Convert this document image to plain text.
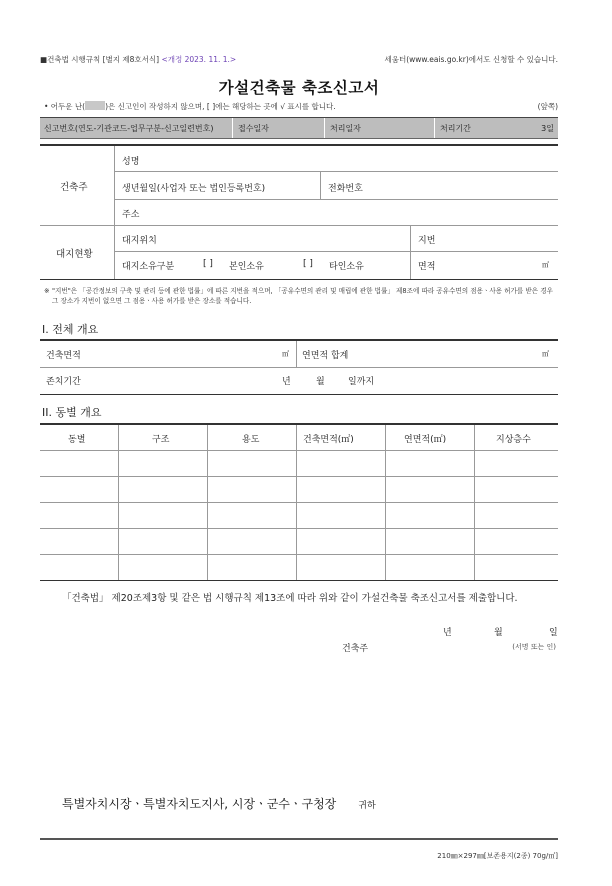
■건축법 시행규칙 [별지 제8호서식] <개정 2023. 11. 1.>	세움터(www.eais.go.kr)에서도 신청할 수 있습니다.
가설건축물 축조신고서
• 어두운 난(	)은 신고인이 작성하지 않으며, [ ]에는 해당하는 곳에 √ 표시를 합니다.	(앞쪽)
신고번호(연도-기관코드-업무구분-신고일련번호)	접수일자	처리일자	처리기간	3일
건축주
성명
생년월일(사업자 또는 법인등록번호)	전화번호
주소
대지현황
대지위치	지번
대지소유구분	[ ] 본인소유	[ ] 타인소유	면적	㎡
※ "지번"은 「공간정보의 구축 및 관리 등에 관한 법률」에 따른 지번을 적으며, 「공유수면의 관리 및 매립에 관한 법률」 제8조에 따라 공유수면의 점용ㆍ사용 허가를 받은 경우 그 장소가 지번이 없으면 그 점용ㆍ사용 허가를 받은 장소를 적습니다.
I. 전체 개요
건축면적	㎡ 연면적 합계	㎡
존치기간	년	월	일까지
II. 동별 개요
동별	구조	용도	건축면적(㎡)	연면적(㎡)	지상층수
「건축법」 제20조제3항 및 같은 법 시행규칙 제13조에 따라 위와 같이 가설건축물 축조신고서를 제출합니다.
년	월	일
건축주	(서명 또는 인)
특별자치시장ㆍ특별자치도지사, 시장ㆍ군수ㆍ구청장 귀하
210㎜×297㎜[보존용지(2종) 70g/㎡]
